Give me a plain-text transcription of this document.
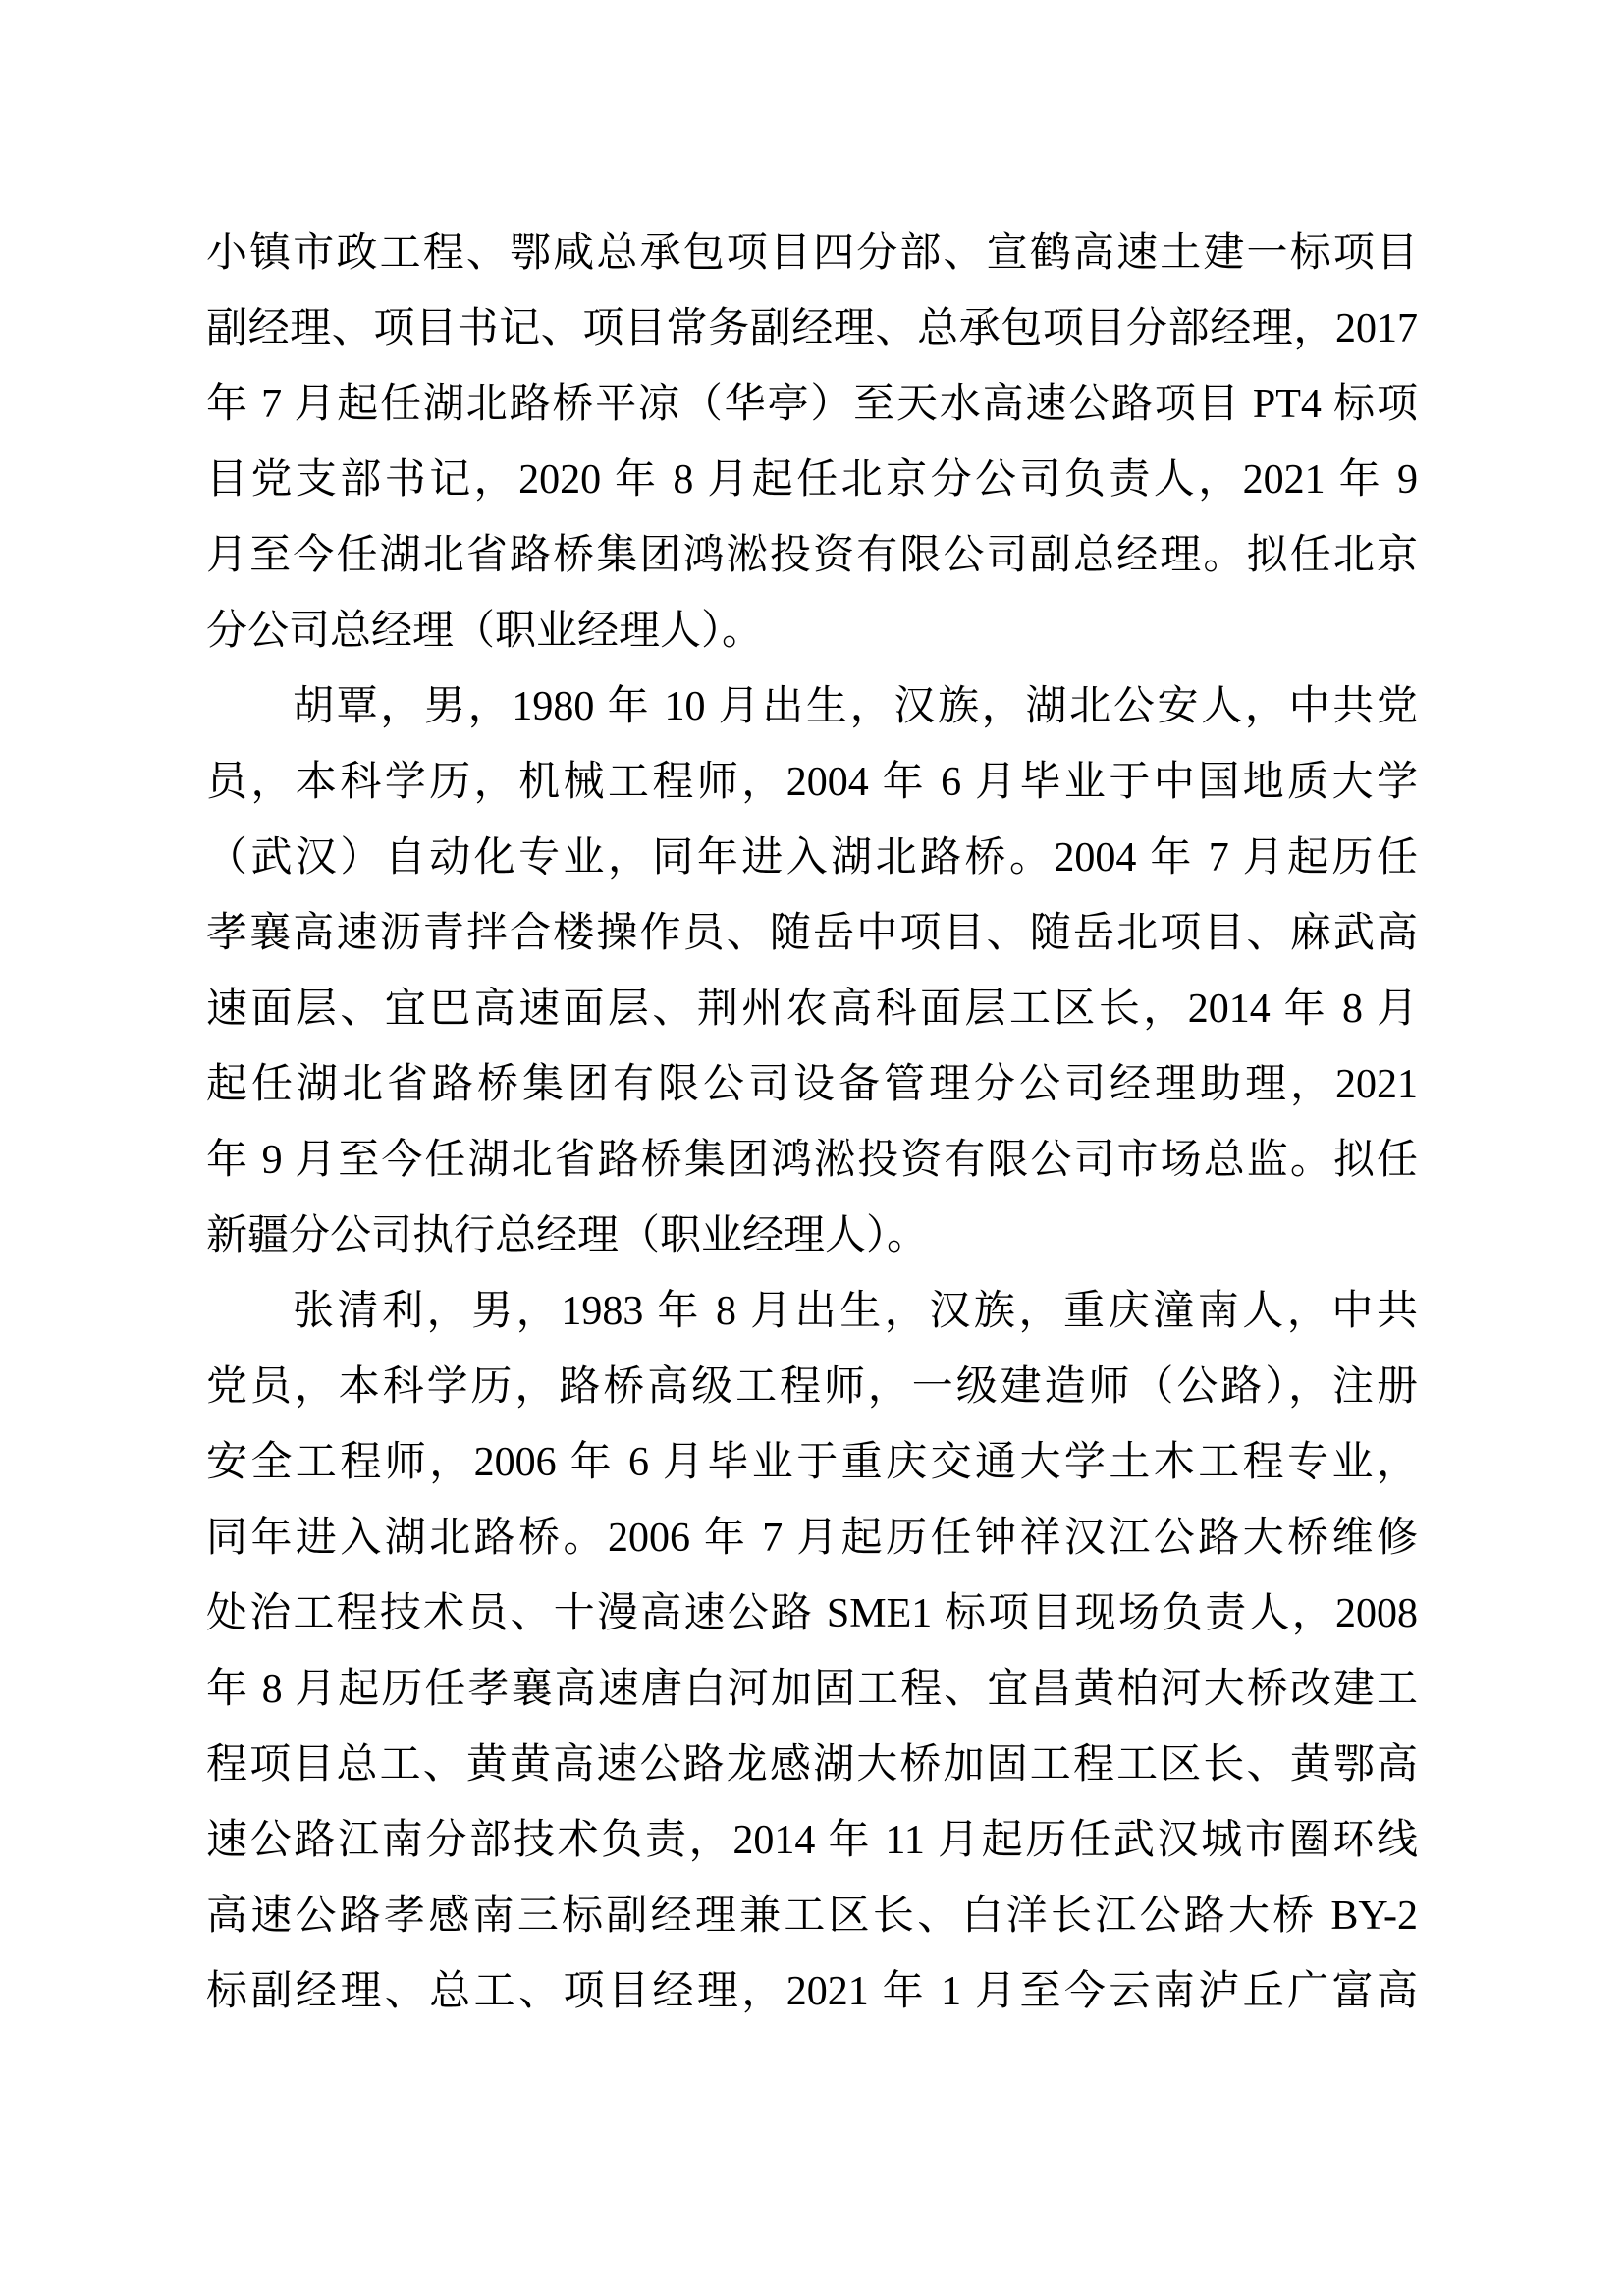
小镇市政工程、鄂咸总承包项目四分部、宣鹤高速土建一标项目
副经理、项目书记、项目常务副经理、总承包项目分部经理，2017
年 7 月起任湖北路桥平凉（华亭）至天水高速公路项目 PT4 标项
目党支部书记，2020 年 8 月起任北京分公司负责人，2021 年 9
月至今任湖北省路桥集团鸿淞投资有限公司副总经理。拟任北京
分公司总经理（职业经理人）。
胡覃，男，1980 年 10 月出生，汉族，湖北公安人，中共党
员，本科学历，机械工程师，2004 年 6 月毕业于中国地质大学
（武汉）自动化专业，同年进入湖北路桥。2004 年 7 月起历任
孝襄高速沥青拌合楼操作员、随岳中项目、随岳北项目、麻武高
速面层、宜巴高速面层、荆州农高科面层工区长，2014 年 8 月
起任湖北省路桥集团有限公司设备管理分公司经理助理，2021
年 9 月至今任湖北省路桥集团鸿淞投资有限公司市场总监。拟任
新疆分公司执行总经理（职业经理人）。
张清利，男，1983 年 8 月出生，汉族，重庆潼南人，中共
党员，本科学历，路桥高级工程师，一级建造师（公路），注册
安全工程师，2006 年 6 月毕业于重庆交通大学土木工程专业，
同年进入湖北路桥。2006 年 7 月起历任钟祥汉江公路大桥维修
处治工程技术员、十漫高速公路 SME1 标项目现场负责人，2008
年 8 月起历任孝襄高速唐白河加固工程、宜昌黄柏河大桥改建工
程项目总工、黄黄高速公路龙感湖大桥加固工程工区长、黄鄂高
速公路江南分部技术负责，2014 年 11 月起历任武汉城市圈环线
高速公路孝感南三标副经理兼工区长、白洋长江公路大桥 BY-2
标副经理、总工、项目经理，2021 年 1 月至今云南泸丘广富高
